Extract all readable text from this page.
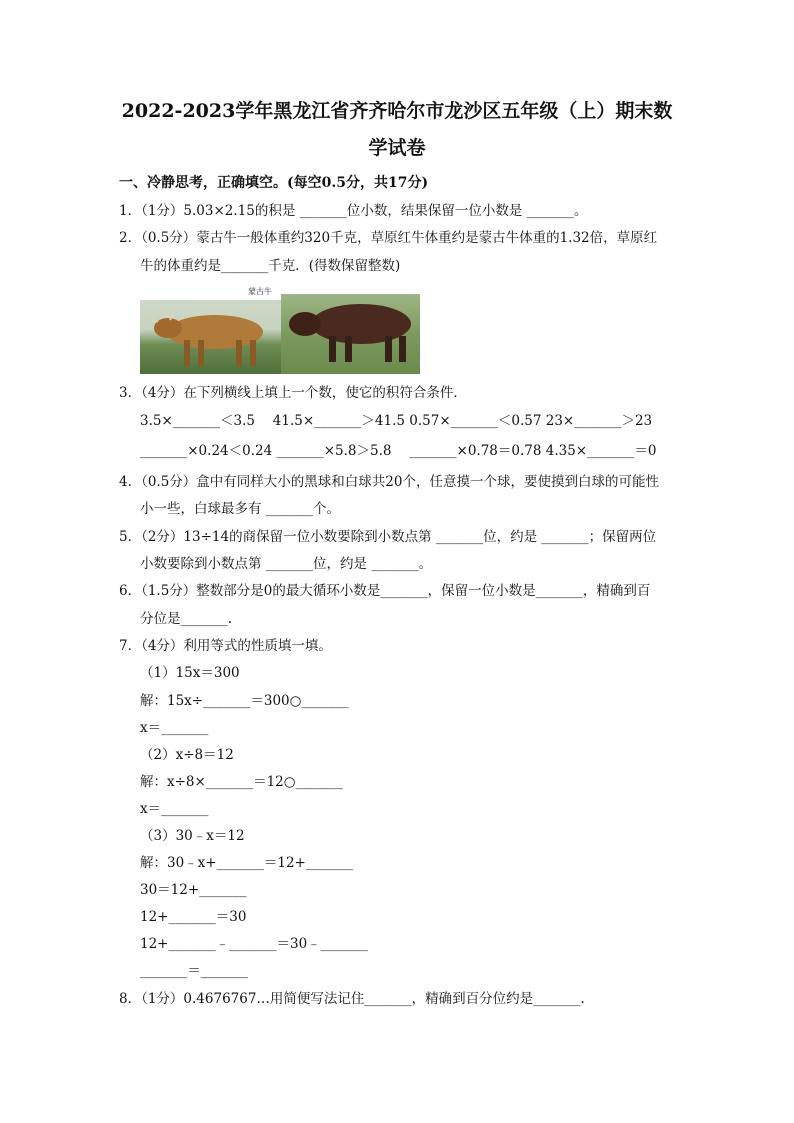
2022-2023学年黑龙江省齐齐哈尔市龙沙区五年级（上）期末数
学试卷
一、冷静思考，正确填空。(每空0.5分，共17分)
1．（1分）5.03×2.15的积是 _______位小数，结果保留一位小数是 _______。
2．（0.5分）蒙古牛一般体重约320千克，草原红牛体重约是蒙古牛体重的1.32倍，草原红
牛的体重约是_______千克．(得数保留整数)
蒙古牛
3．（4分）在下列横线上填上一个数，使它的积符合条件．
3.5×_______＜3.5　 41.5×_______＞41.5 0.57×_______＜0.57 23×_______＞23
_______×0.24＜0.24 _______×5.8＞5.8 　_______×0.78＝0.78 4.35×_______＝0
4．（0.5分）盒中有同样大小的黑球和白球共20个，任意摸一个球，要使摸到白球的可能性
小一些，白球最多有 _______个。
5．（2分）13÷14的商保留一位小数要除到小数点第 _______位，约是 _______；保留两位
小数要除到小数点第 _______位，约是 _______。
6．（1.5分）整数部分是0的最大循环小数是_______，保留一位小数是_______，精确到百
分位是_______.
7．（4分）利用等式的性质填一填。
（1）15x＝300
解：15x÷_______＝300○_______
x＝_______
（2）x÷8＝12
解：x÷8×_______＝12○_______
x＝_______
（3）30﹣x＝12
解：30﹣x+_______＝12+_______
30＝12+_______
12+_______＝30
12+_______﹣_______＝30﹣_______
_______＝_______
8．（1分）0.4676767…用简便写法记住_______，精确到百分位约是_______.
